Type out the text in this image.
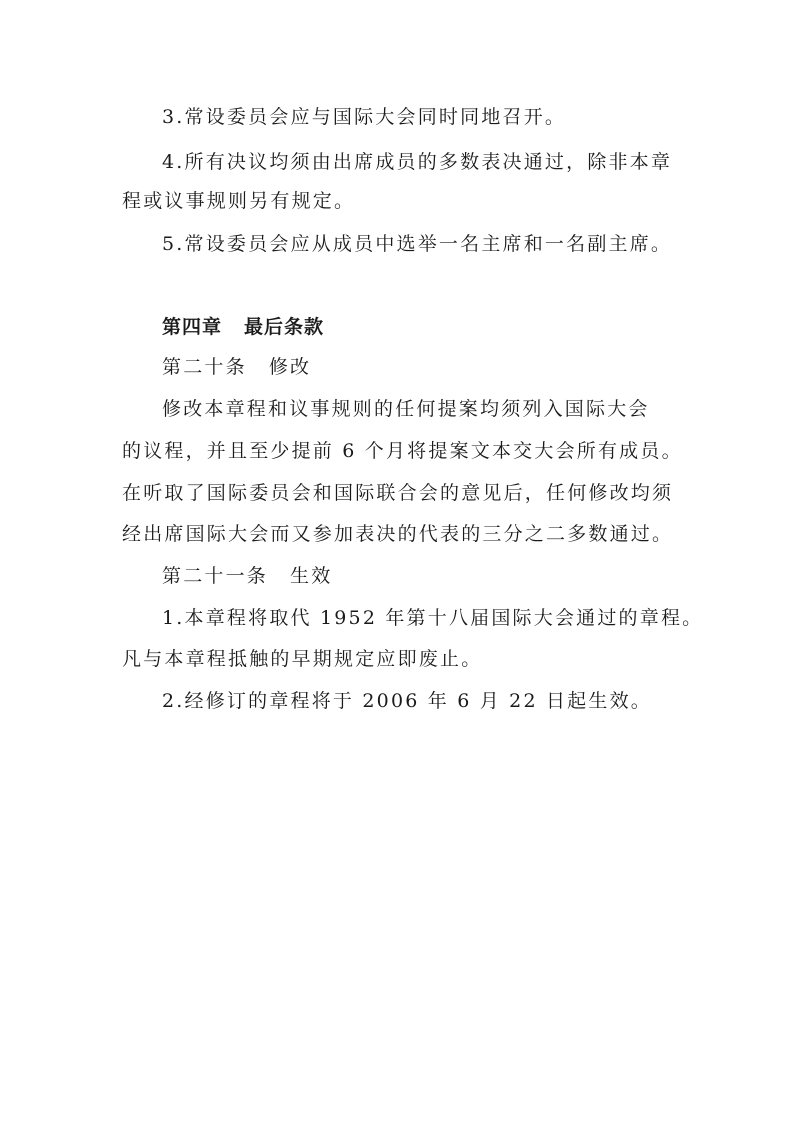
3.常设委员会应与国际大会同时同地召开。
4.所有决议均须由出席成员的多数表决通过，除非本章
程或议事规则另有规定。
5.常设委员会应从成员中选举一名主席和一名副主席。
第四章 最后条款
第二十条 修改
修改本章程和议事规则的任何提案均须列入国际大会
的议程，并且至少提前 6 个月将提案文本交大会所有成员。
在听取了国际委员会和国际联合会的意见后，任何修改均须
经出席国际大会而又参加表决的代表的三分之二多数通过。
第二十一条 生效
1.本章程将取代 1952 年第十八届国际大会通过的章程。
凡与本章程抵触的早期规定应即废止。
2.经修订的章程将于 2006 年 6 月 22 日起生效。
